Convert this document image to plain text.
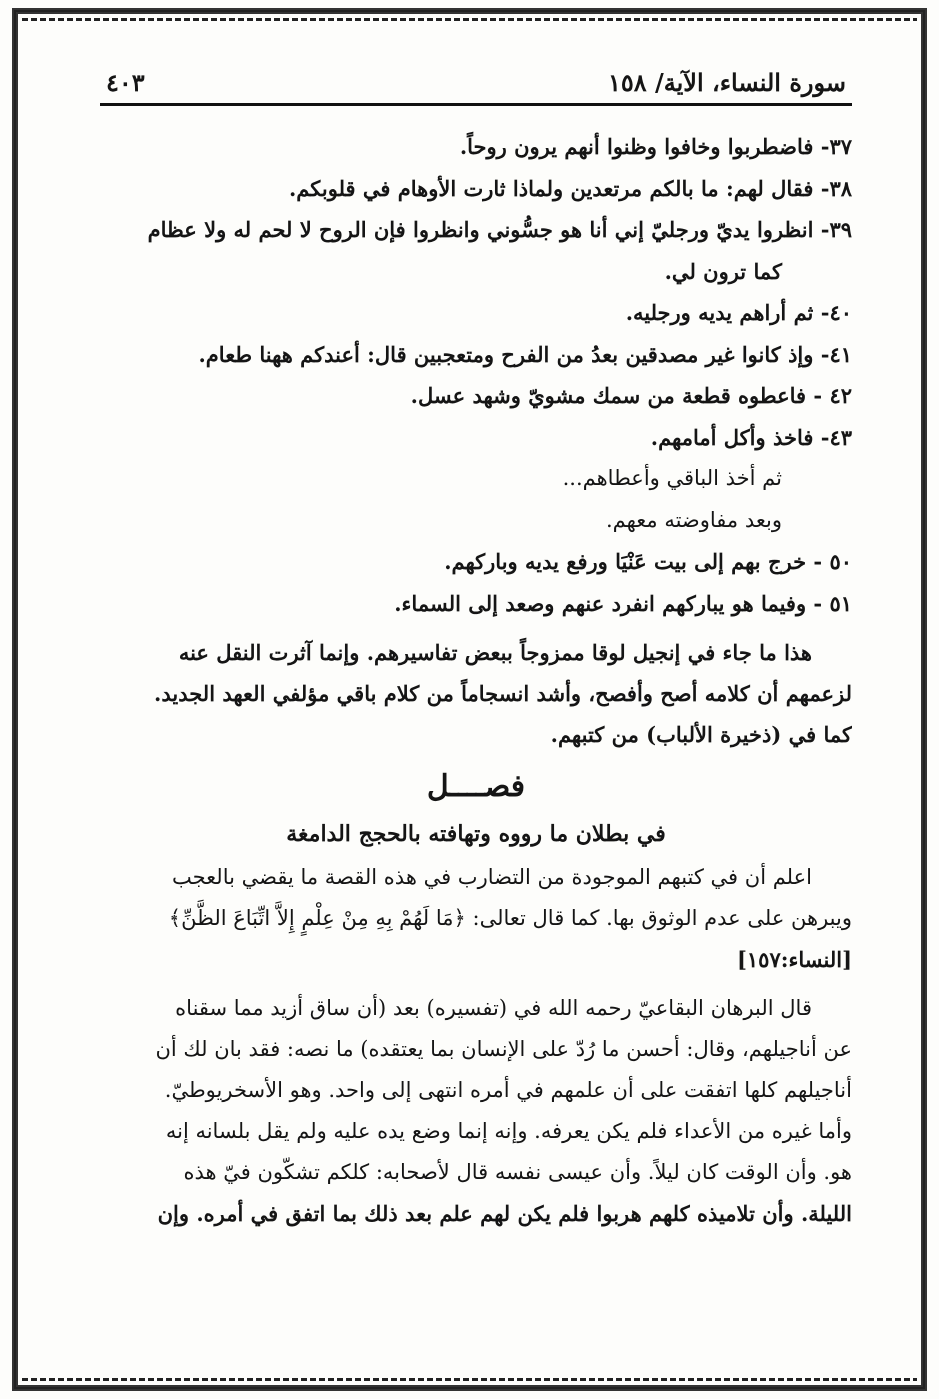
سورة النساء، الآية/ ١٥٨
٤٠٣
٣٧- فاضطربوا وخافوا وظنوا أنهم يرون روحاً.
٣٨- فقال لهم: ما بالكم مرتعدين ولماذا ثارت الأوهام في قلوبكم.
٣٩- انظروا يديّ ورجليّ إني أنا هو جسُّوني وانظروا فإن الروح لا لحم له ولا عظام
كما ترون لي.
٤٠- ثم أراهم يديه ورجليه.
٤١- وإذ كانوا غير مصدقين بعدُ من الفرح ومتعجبين قال: أعندكم ههنا طعام.
٤٢ - فاعطوه قطعة من سمك مشويّ وشهد عسل.
٤٣- فاخذ وأكل أمامهم.
ثم أخذ الباقي وأعطاهم...
وبعد مفاوضته معهم.
٥٠ - خرج بهم إلى بيت عَنْيَا ورفع يديه وباركهم.
٥١ - وفيما هو يباركهم انفرد عنهم وصعد إلى السماء.
هذا ما جاء في إنجيل لوقا ممزوجاً ببعض تفاسيرهم. وإنما آثرت النقل عنه
لزعمهم أن كلامه أصح وأفصح، وأشد انسجاماً من كلام باقي مؤلفي العهد الجديد.
كما في (ذخيرة الألباب) من كتبهم.
فصــــل
في بطلان ما رووه وتهافته بالحجج الدامغة
اعلم أن في كتبهم الموجودة من التضارب في هذه القصة ما يقضي بالعجب
ويبرهن على عدم الوثوق بها. كما قال تعالى: ﴿مَا لَهُمْ بِهِ مِنْ عِلْمٍ إِلاَّ اتِّبَاعَ الظَّنِّ﴾
[النساء:١٥٧]
قال البرهان البقاعيّ رحمه الله في (تفسيره) بعد (أن ساق أزيد مما سقناه
عن أناجيلهم، وقال: أحسن ما رُدّ على الإنسان بما يعتقده) ما نصه: فقد بان لك أن
أناجيلهم كلها اتفقت على أن علمهم في أمره انتهى إلى واحد. وهو الأسخريوطيّ.
وأما غيره من الأعداء فلم يكن يعرفه. وإنه إنما وضع يده عليه ولم يقل بلسانه إنه
هو. وأن الوقت كان ليلاً. وأن عيسى نفسه قال لأصحابه: كلكم تشكّون فيّ هذه
الليلة. وأن تلاميذه كلهم هربوا فلم يكن لهم علم بعد ذلك بما اتفق في أمره. وإن
